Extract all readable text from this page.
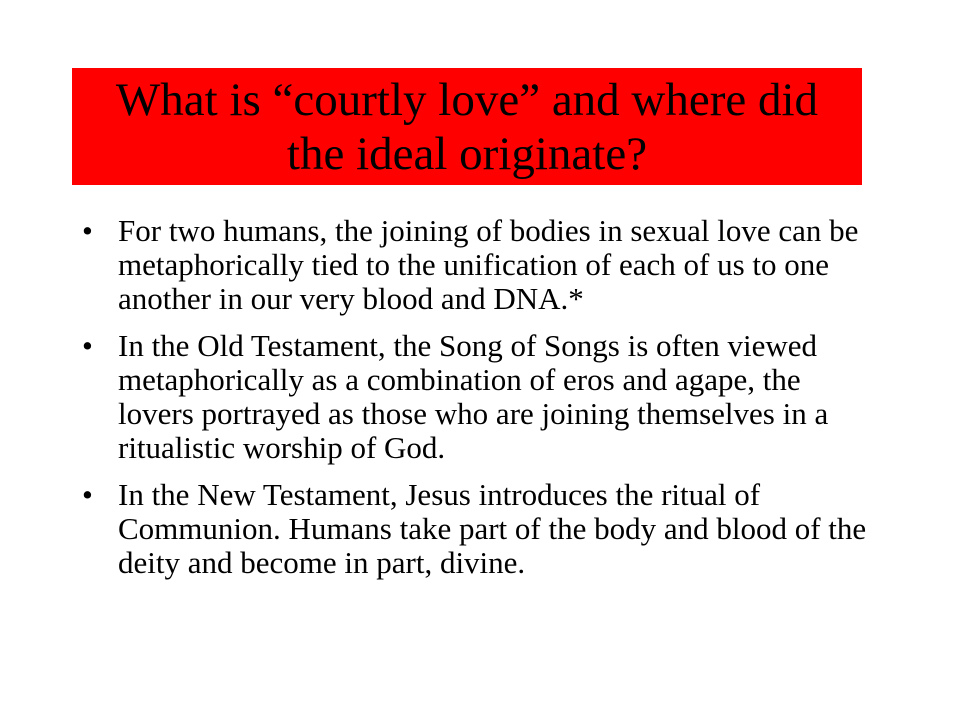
What is “courtly love” and where did the ideal originate?
• For two humans, the joining of bodies in sexual love can be metaphorically tied to the unification of each of us to one another in our very blood and DNA.*
• In the Old Testament, the Song of Songs is often viewed metaphorically as a combination of eros and agape, the lovers portrayed as those who are joining themselves in a ritualistic worship of God.
• In the New Testament, Jesus introduces the ritual of Communion. Humans take part of the body and blood of the deity and become in part, divine.
